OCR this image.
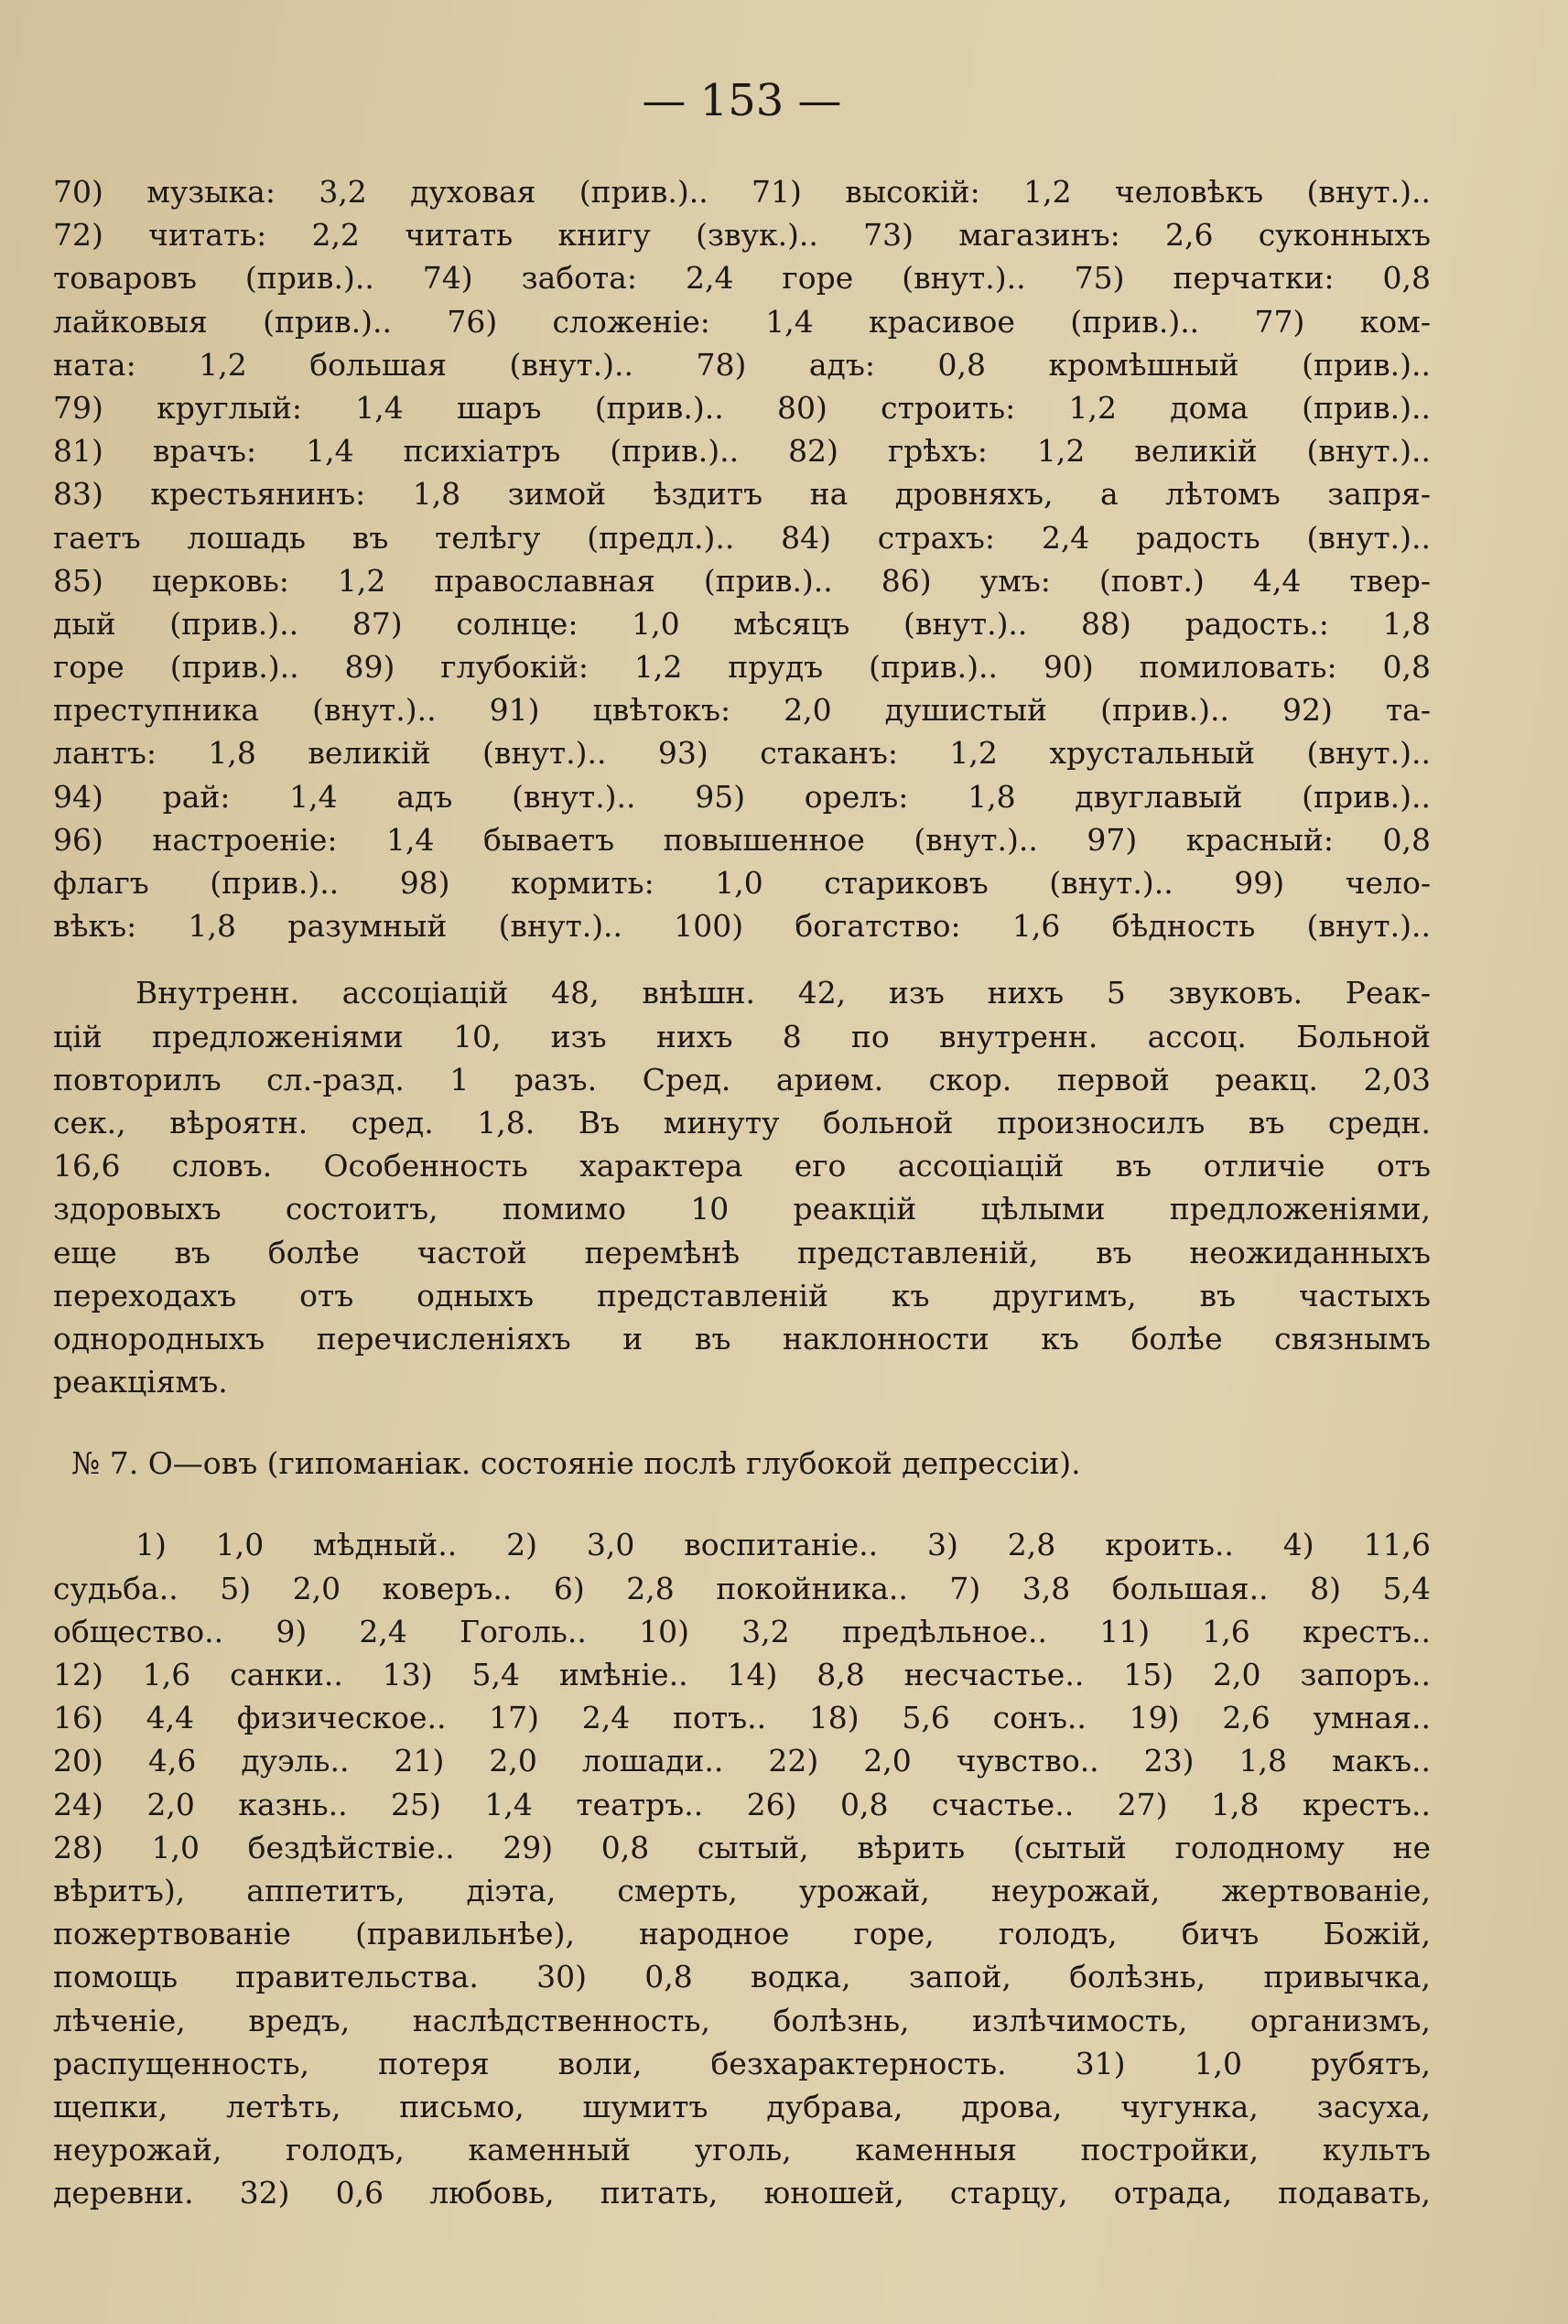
— 153 —
70) музыка: 3,2 духовая (прив.).. 71) высокій: 1,2 человѣкъ (внут.)..
72) читать: 2,2 читать книгу (звук.).. 73) магазинъ: 2,6 суконныхъ
товаровъ (прив.).. 74) забота: 2,4 горе (внут.).. 75) перчатки: 0,8
лайковыя (прив.).. 76) сложеніе: 1,4 красивое (прив.).. 77) ком-
ната: 1,2 большая (внут.).. 78) адъ: 0,8 кромѣшный (прив.)..
79) круглый: 1,4 шаръ (прив.).. 80) строить: 1,2 дома (прив.)..
81) врачъ: 1,4 психіатръ (прив.).. 82) грѣхъ: 1,2 великій (внут.)..
83) крестьянинъ: 1,8 зимой ѣздитъ на дровняхъ, а лѣтомъ запря-
гаетъ лошадь въ телѣгу (предл.).. 84) страхъ: 2,4 радость (внут.)..
85) церковь: 1,2 православная (прив.).. 86) умъ: (повт.) 4,4 твер-
дый (прив.).. 87) солнце: 1,0 мѣсяцъ (внут.).. 88) радость.: 1,8
горе (прив.).. 89) глубокій: 1,2 прудъ (прив.).. 90) помиловать: 0,8
преступника (внут.).. 91) цвѣтокъ: 2,0 душистый (прив.).. 92) та-
лантъ: 1,8 великій (внут.).. 93) стаканъ: 1,2 хрустальный (внут.)..
94) рай: 1,4 адъ (внут.).. 95) орелъ: 1,8 двуглавый (прив.)..
96) настроеніе: 1,4 бываетъ повышенное (внут.).. 97) красный: 0,8
флагъ (прив.).. 98) кормить: 1,0 стариковъ (внут.).. 99) чело-
вѣкъ: 1,8 разумный (внут.).. 100) богатство: 1,6 бѣдность (внут.)..
Внутренн. ассоціацій 48, внѣшн. 42, изъ нихъ 5 звуковъ. Реак-
цій предложеніями 10, изъ нихъ 8 по внутренн. ассоц. Больной
повторилъ сл.-разд. 1 разъ. Сред. ариѳм. скор. первой реакц. 2,03
сек., вѣроятн. сред. 1,8. Въ минуту больной произносилъ въ средн.
16,6 словъ. Особенность характера его ассоціацій въ отличіе отъ
здоровыхъ состоитъ, помимо 10 реакцій цѣлыми предложеніями,
еще въ болѣе частой перемѣнѣ представленій, въ неожиданныхъ
переходахъ отъ одныхъ представленій къ другимъ, въ частыхъ
однородныхъ перечисленіяхъ и въ наклонности къ болѣе связнымъ
реакціямъ.
№ 7. О—овъ (гипоманіак. состояніе послѣ глубокой депрессіи).
1) 1,0 мѣдный.. 2) 3,0 воспитаніе.. 3) 2,8 кроить.. 4) 11,6
судьба.. 5) 2,0 коверъ.. 6) 2,8 покойника.. 7) 3,8 большая.. 8) 5,4
общество.. 9) 2,4 Гоголь.. 10) 3,2 предѣльное.. 11) 1,6 крестъ..
12) 1,6 санки.. 13) 5,4 имѣніе.. 14) 8,8 несчастье.. 15) 2,0 запоръ..
16) 4,4 физическое.. 17) 2,4 потъ.. 18) 5,6 сонъ.. 19) 2,6 умная..
20) 4,6 дуэль.. 21) 2,0 лошади.. 22) 2,0 чувство.. 23) 1,8 макъ..
24) 2,0 казнь.. 25) 1,4 театръ.. 26) 0,8 счастье.. 27) 1,8 крестъ..
28) 1,0 бездѣйствіе.. 29) 0,8 сытый, вѣрить (сытый голодному не
вѣритъ), аппетитъ, діэта, смерть, урожай, неурожай, жертвованіе,
пожертвованіе (правильнѣе), народное горе, голодъ, бичъ Божій,
помощь правительства. 30) 0,8 водка, запой, болѣзнь, привычка,
лѣченіе, вредъ, наслѣдственность, болѣзнь, излѣчимость, организмъ,
распущенность, потеря воли, безхарактерность. 31) 1,0 рубятъ,
щепки, летѣть, письмо, шумитъ дубрава, дрова, чугунка, засуха,
неурожай, голодъ, каменный уголь, каменныя постройки, культъ
деревни. 32) 0,6 любовь, питать, юношей, старцу, отрада, подавать,
